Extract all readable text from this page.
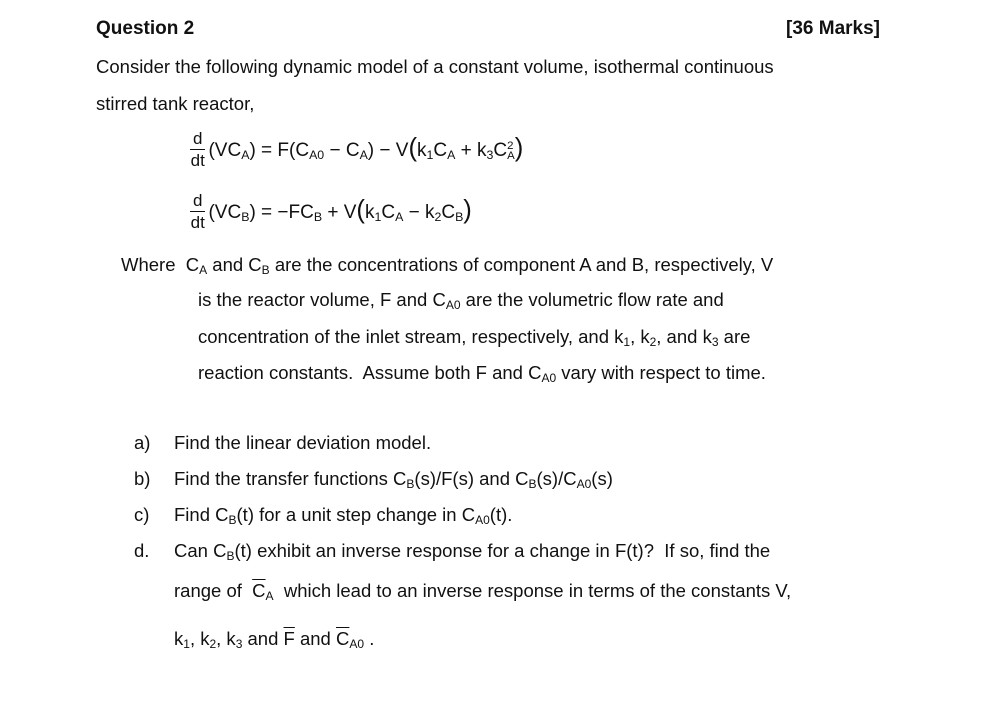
Question 2	[36 Marks]
Consider the following dynamic model of a constant volume, isothermal continuous
stirred tank reactor,
$\frac{d}{dt} (VC_A) = F(C_{A0} - C_A) - V(k_1C_A + k_3C$ 2
A )
$\frac{d}{dt} (VC_B) = -FC_B + V(k_1C_A - k_2C_B)$
Where  $C_A$ and $C_B$ are the concentrations of component A and B, respectively, V
is the reactor volume, F and $C_{A0}$ are the volumetric flow rate and
concentration of the inlet stream, respectively, and $k_1$, $k_2$, and $k_3$ are
reaction constants.  Assume both F and $C_{A0}$ vary with respect to time.
a) Find the linear deviation model.
b) Find the transfer functions $C_B(s)/F(s)$ and $C_B(s)/C_{A0}(s)$
c) Find $C_B(t)$ for a unit step change in $C_{A0}(t)$.
d. Can $C_B(t)$ exhibit an inverse response for a change in F(t)?  If so, find the
range of  $\overline{C}_A$  which lead to an inverse response in terms of the constants V,
$k_1$, $k_2$, $k_3$ and $\overline{F}$ and $\overline{C}_{A0}$ .
